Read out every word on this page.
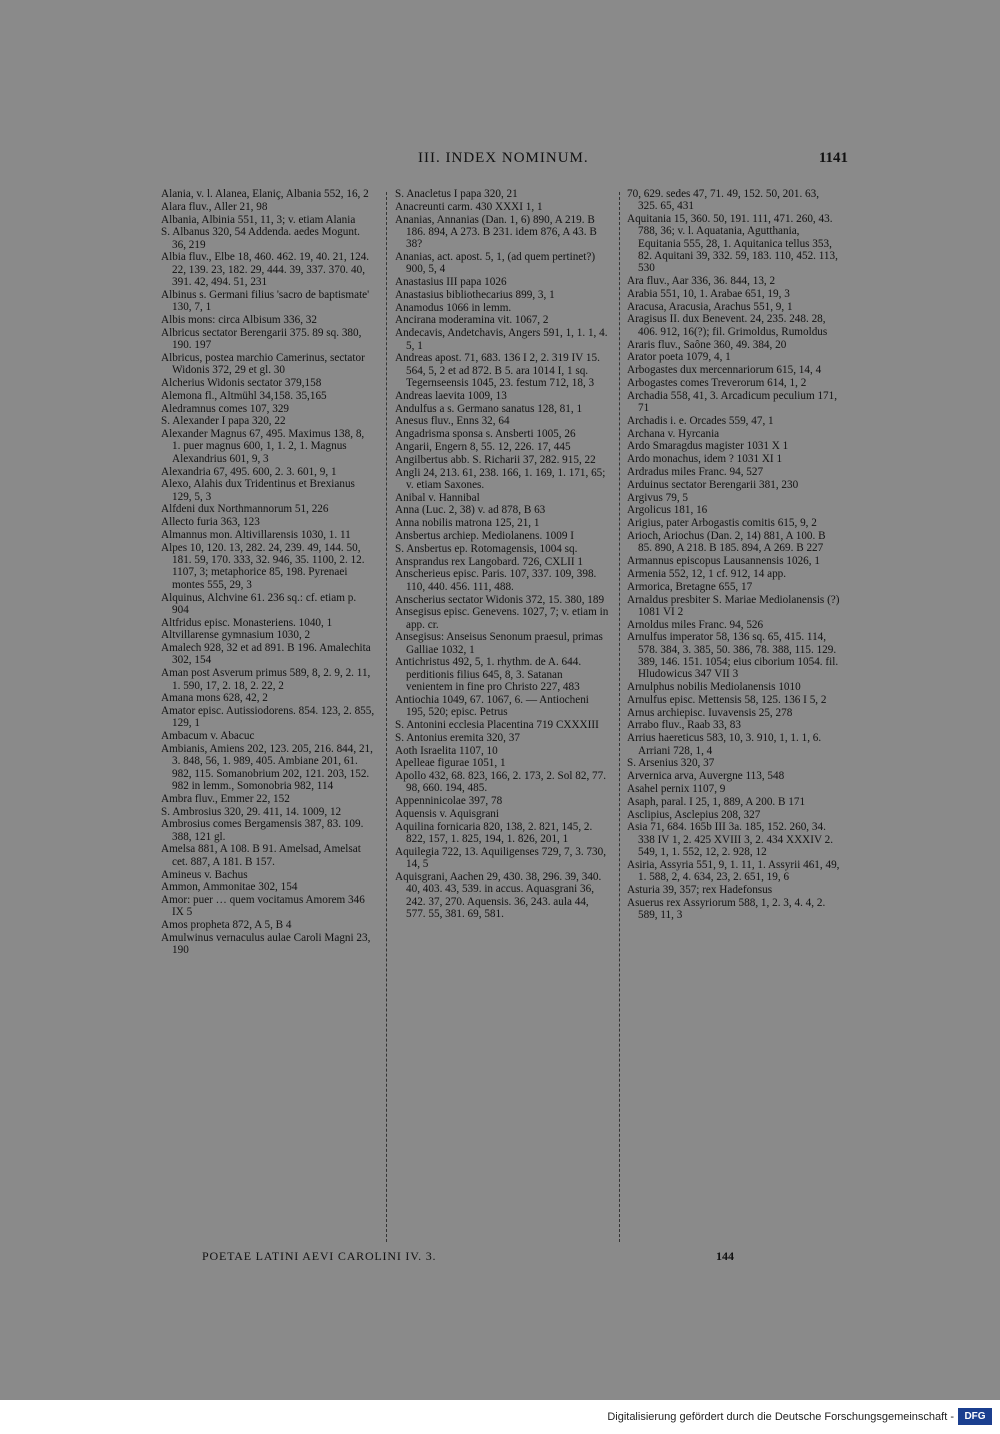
III. INDEX NOMINUM.	1141
Alania, v. l. Alanea, Elaniç, Albania 552, 16, 2
Alara fluv., Aller 21, 98
Albania, Albinia 551, 11, 3; v. etiam Alania
S. Albanus 320, 54 Addenda. aedes Mogunt. 36, 219
Albia fluv., Elbe 18, 460. 462. 19, 40. 21, 124. 22, 139. 23, 182. 29, 444. 39, 337. 370. 40, 391. 42, 494. 51, 231
Albinus s. Germani filius 'sacro de baptismate' 130, 7, 1
Albis mons: circa Albisum 336, 32
Albricus sectator Berengarii 375. 89 sq. 380, 190. 197
Albricus, postea marchio Camerinus, sectator Widonis 372, 29 et gl. 30
Alcherius Widonis sectator 379,158
Alemona fl., Altmühl 34,158. 35,165
Aledramnus comes 107, 329
S. Alexander I papa 320, 22
Alexander Magnus 67, 495. Maximus 138, 8, 1. puer magnus 600, 1, 1. 2, 1. Magnus Alexandrius 601, 9, 3
Alexandria 67, 495. 600, 2. 3. 601, 9, 1
Alexo, Alahis dux Tridentinus et Brexianus 129, 5, 3
Alfdeni dux Northmannorum 51, 226
Allecto furia 363, 123
Almannus mon. Altivillarensis 1030, 1. 11
Alpes 10, 120. 13, 282. 24, 239. 49, 144. 50, 181. 59, 170. 333, 32. 946, 35. 1100, 2. 12. 1107, 3; metaphorice 85, 198. Pyrenaei montes 555, 29, 3
Alquinus, Alchvine 61. 236 sq.: cf. etiam p. 904
Altfridus episc. Monasteriens. 1040, 1
Altvillarense gymnasium 1030, 2
Amalech 928, 32 et ad 891. B 196. Amalechita 302, 154
Aman post Asverum primus 589, 8, 2. 9, 2. 11, 1. 590, 17, 2. 18, 2. 22, 2
Amana mons 628, 42, 2
Amator episc. Autissiodorens. 854. 123, 2. 855, 129, 1
Ambacum v. Abacuc
Ambianis, Amiens 202, 123. 205, 216. 844, 21, 3. 848, 56, 1. 989, 405. Ambiane 201, 61. 982, 115. Somanobrium 202, 121. 203, 152. 982 in lemm., Somonobria 982, 114
Ambra fluv., Emmer 22, 152
S. Ambrosius 320, 29. 411, 14. 1009, 12
Ambrosius comes Bergamensis 387, 83. 109. 388, 121 gl.
Amelsa 881, A 108. B 91. Amelsad, Amelsat cet. 887, A 181. B 157.
Amineus v. Bachus
Ammon, Ammonitae 302, 154
Amor: puer … quem vocitamus Amorem 346 IX 5
Amos propheta 872, A 5, B 4
Amulwinus vernaculus aulae Caroli Magni 23, 190
S. Anacletus I papa 320, 21
Anacreunti carm. 430 XXXI 1, 1
Ananias, Annanias (Dan. 1, 6) 890, A 219. B 186. 894, A 273. B 231. idem 876, A 43. B 38?
Ananias, act. apost. 5, 1, (ad quem pertinet?) 900, 5, 4
Anastasius III papa 1026
Anastasius bibliothecarius 899, 3, 1
Anamodus 1066 in lemm.
Ancirana moderamina vit. 1067, 2
Andecavis, Andetchavis, Angers 591, 1, 1. 1, 4. 5, 1
Andreas apost. 71, 683. 136 I 2, 2. 319 IV 15. 564, 5, 2 et ad 872. B 5. ara 1014 I, 1 sq. Tegernseensis 1045, 23. festum 712, 18, 3
Andreas laevita 1009, 13
Andulfus a s. Germano sanatus 128, 81, 1
Anesus fluv., Enns 32, 64
Angadrisma sponsa s. Ansberti 1005, 26
Angarii, Engern 8, 55. 12, 226. 17, 445
Angilbertus abb. S. Richarii 37, 282. 915, 22
Angli 24, 213. 61, 238. 166, 1. 169, 1. 171, 65; v. etiam Saxones.
Anibal v. Hannibal
Anna (Luc. 2, 38) v. ad 878, B 63
Anna nobilis matrona 125, 21, 1
Ansbertus archiep. Mediolanens. 1009 I
S. Ansbertus ep. Rotomagensis, 1004 sq.
Ansprandus rex Langobard. 726, CXLII 1
Anscherieus episc. Paris. 107, 337. 109, 398. 110, 440. 456. 111, 488.
Anscherius sectator Widonis 372, 15. 380, 189
Ansegisus episc. Genevens. 1027, 7; v. etiam in app. cr.
Ansegisus: Anseisus Senonum praesul, primas Galliae 1032, 1
Antichristus 492, 5, 1. rhythm. de A. 644. perditionis filius 645, 8, 3. Satanan venientem in fine pro Christo 227, 483
Antiochia 1049, 67. 1067, 6. — Antiocheni 195, 520; episc. Petrus
S. Antonini ecclesia Placentina 719 CXXXIII
S. Antonius eremita 320, 37
Aoth Israelita 1107, 10
Apelleae figurae 1051, 1
Apollo 432, 68. 823, 166, 2. 173, 2. Sol 82, 77. 98, 660. 194, 485.
Appenninicolae 397, 78
Aquensis v. Aquisgrani
Aquilina fornicaria 820, 138, 2. 821, 145, 2. 822, 157, 1. 825, 194, 1. 826, 201, 1
Aquilegia 722, 13. Aquiligenses 729, 7, 3. 730, 14, 5
Aquisgrani, Aachen 29, 430. 38, 296. 39, 340. 40, 403. 43, 539. in accus. Aquasgrani 36, 242. 37, 270. Aquensis. 36, 243. aula 44, 577. 55, 381. 69, 581.
70, 629. sedes 47, 71. 49, 152. 50, 201. 63, 325. 65, 431
Aquitania 15, 360. 50, 191. 111, 471. 260, 43. 788, 36; v. l. Aquatania, Agutthania, Equitania 555, 28, 1. Aquitanica tellus 353, 82. Aquitani 39, 332. 59, 183. 110, 452. 113, 530
Ara fluv., Aar 336, 36. 844, 13, 2
Arabia 551, 10, 1. Arabae 651, 19, 3
Aracusa, Aracusia, Arachus 551, 9, 1
Aragisus II. dux Benevent. 24, 235. 248. 28, 406. 912, 16(?); fil. Grimoldus, Rumoldus
Araris fluv., Saône 360, 49. 384, 20
Arator poeta 1079, 4, 1
Arbogastes dux mercennariorum 615, 14, 4
Arbogastes comes Treverorum 614, 1, 2
Archadia 558, 41, 3. Arcadicum peculium 171, 71
Archadis i. e. Orcades 559, 47, 1
Archana v. Hyrcania
Ardo Smaragdus magister 1031 X 1
Ardo monachus, idem ? 1031 XI 1
Ardradus miles Franc. 94, 527
Arduinus sectator Berengarii 381, 230
Argivus 79, 5
Argolicus 181, 16
Arigius, pater Arbogastis comitis 615, 9, 2
Arioch, Ariochus (Dan. 2, 14) 881, A 100. B 85. 890, A 218. B 185. 894, A 269. B 227
Armannus episcopus Lausannensis 1026, 1
Armenia 552, 12, 1 cf. 912, 14 app.
Armorica, Bretagne 655, 17
Arnaldus presbiter S. Mariae Mediolanensis (?) 1081 VI 2
Arnoldus miles Franc. 94, 526
Arnulfus imperator 58, 136 sq. 65, 415. 114, 578. 384, 3. 385, 50. 386, 78. 388, 115. 129. 389, 146. 151. 1054; eius ciborium 1054. fil. Hludowicus 347 VII 3
Arnulphus nobilis Mediolanensis 1010
Arnulfus episc. Mettensis 58, 125. 136 I 5, 2
Arnus archiepisc. Iuvavensis 25, 278
Arrabo fluv., Raab 33, 83
Arrius haereticus 583, 10, 3. 910, 1, 1. 1, 6. Arriani 728, 1, 4
S. Arsenius 320, 37
Arvernica arva, Auvergne 113, 548
Asahel pernix 1107, 9
Asaph, paral. I 25, 1, 889, A 200. B 171
Asclipius, Asclepius 208, 327
Asia 71, 684. 165b III 3a. 185, 152. 260, 34. 338 IV 1, 2. 425 XVIII 3, 2. 434 XXXIV 2. 549, 1, 1. 552, 12, 2. 928, 12
Asiria, Assyria 551, 9, 1. 11, 1. Assyrii 461, 49, 1. 588, 2, 4. 634, 23, 2. 651, 19, 6
Asturia 39, 357; rex Hadefonsus
Asuerus rex Assyriorum 588, 1, 2. 3, 4. 4, 2. 589, 11, 3
POETAE LATINI AEVI CAROLINI IV. 3.	144
Digitalisierung gefördert durch die Deutsche Forschungsgemeinschaft -	DFG
